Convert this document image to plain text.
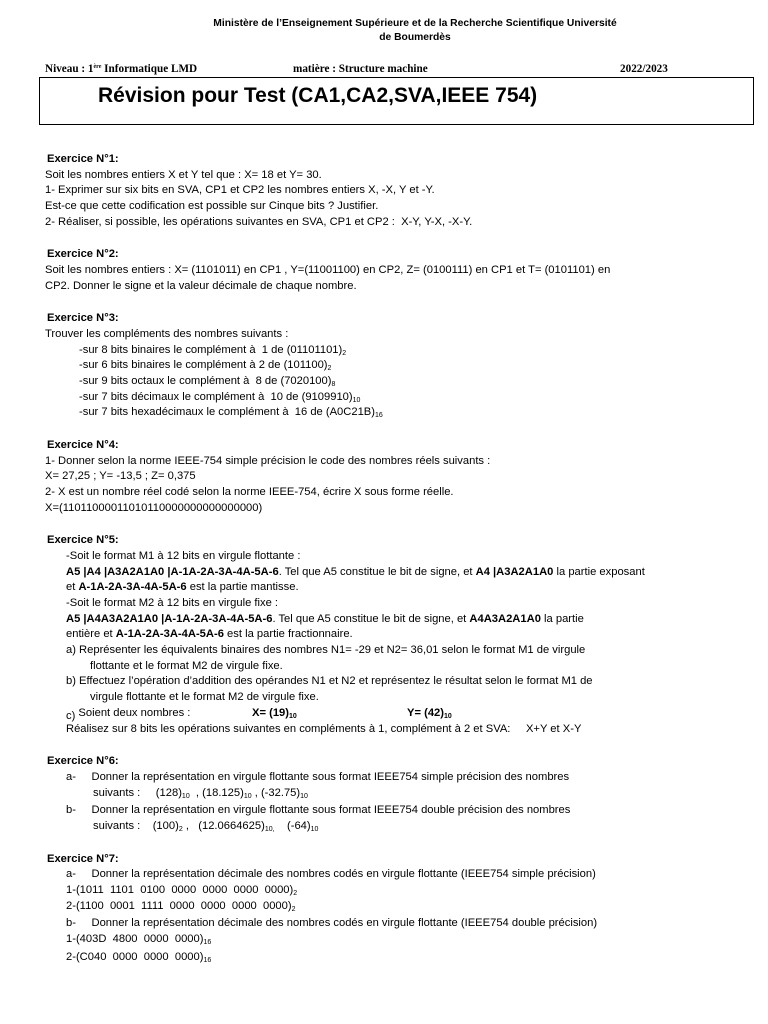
Ministère de l’Enseignement Supérieure et de la Recherche Scientifique Université
de Boumerdès
Niveau : 1ère Informatique LMD	matière : Structure machine	2022/2023
Révision pour Test (CA1,CA2,SVA,IEEE 754)
Exercice N°1:
Soit les nombres entiers X et Y tel que : X= 18 et Y= 30.
1- Exprimer sur six bits en SVA, CP1 et CP2 les nombres entiers X, -X, Y et -Y.
Est-ce que cette codification est possible sur Cinque bits ? Justifier.
2- Réaliser, si possible, les opérations suivantes en SVA, CP1 et CP2 :  X-Y, Y-X, -X-Y.
Exercice N°2:
Soit les nombres entiers : X= (1101011) en CP1 , Y=(11001100) en CP2, Z= (0100111) en CP1 et T= (0101101) en
CP2. Donner le signe et la valeur décimale de chaque nombre.
Exercice N°3:
Trouver les compléments des nombres suivants :
-sur 8 bits binaires le complément à  1 de $(01101101)_2$
-sur 6 bits binaires le complément à 2 de $(101100)_2$
-sur 9 bits octaux le complément à  8 de $(7020100)_8$
-sur 7 bits décimaux le complément à  10 de $(9109910)_{10}$
-sur 7 bits hexadécimaux le complément à  16 de $(A0C21B)_{16}$
Exercice N°4:
1- Donner selon la norme IEEE-754 simple précision le code des nombres réels suivants :
X= 27,25 ; Y= -13,5 ; Z= 0,375
2- X est un nombre réel codé selon la norme IEEE-754, écrire X sous forme réelle.
X=(11011000011010110000000000000000)
Exercice N°5:
-Soit le format M1 à 12 bits en virgule flottante :
A5 |A4 |A3A2A1A0 |A-1A-2A-3A-4A-5A-6. Tel que A5 constitue le bit de signe, et A4 |A3A2A1A0 la partie exposant
et A-1A-2A-3A-4A-5A-6 est la partie mantisse.
-Soit le format M2 à 12 bits en virgule fixe :
A5 |A4A3A2A1A0 |A-1A-2A-3A-4A-5A-6. Tel que A5 constitue le bit de signe, et A4A3A2A1A0 la partie
entière et A-1A-2A-3A-4A-5A-6 est la partie fractionnaire.
a) Représenter les équivalents binaires des nombres N1= -29 et N2= 36,01 selon le format M1 de virgule
flottante et le format M2 de virgule fixe.
b) Effectuez l’opération d’addition des opérandes N1 et N2 et représentez le résultat selon le format M1 de
virgule flottante et le format M2 de virgule fixe.
c) Soient deux nombres :	$X= (19)_{10}$	$Y= (42)_{10}$
Réalisez sur 8 bits les opérations suivantes en compléments à 1, complément à 2 et SVA:     X+Y et X-Y
Exercice N°6:
a-     Donner la représentation en virgule flottante sous format IEEE754 simple précision des nombres
suivants :     $(128)_{10}$  , $(18.125)_{10}$ , $(-32.75)_{10}$
b-     Donner la représentation en virgule flottante sous format IEEE754 double précision des nombres
suivants :    $(100)_2$ ,   $(12.0664625)_{10,}$    $(-64)_{10}$
Exercice N°7:
a-     Donner la représentation décimale des nombres codés en virgule flottante (IEEE754 simple précision)
1-(1011  1101  0100  0000  0000  0000  $0000)_2$
2-(1100  0001  1111  0000  0000  0000  $0000)_2$
b-     Donner la représentation décimale des nombres codés en virgule flottante (IEEE754 double précision)
1-(403D  4800  0000  $0000)_{16}$
2-(C040  0000  0000  $0000)_{16}$
